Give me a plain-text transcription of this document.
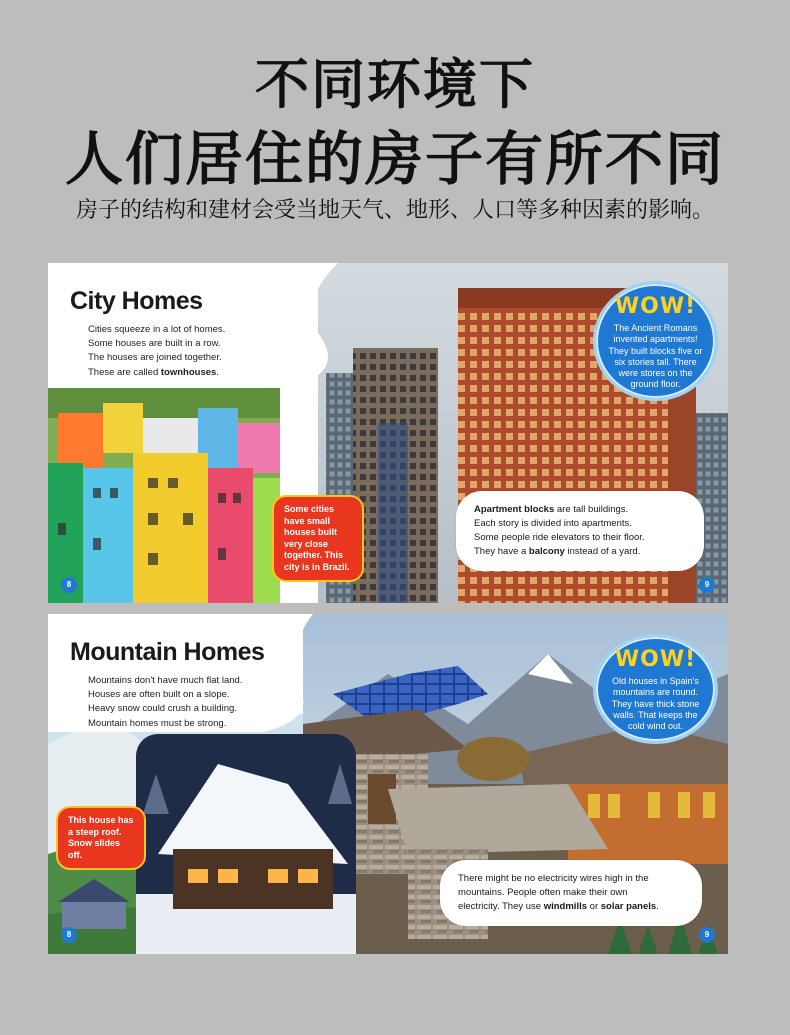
不同环境下
人们居住的房子有所不同
房子的结构和建材会受当地天气、地形、人口等多种因素的影响。
City Homes
Cities squeeze in a lot of homes.
Some houses are built in a row.
The houses are joined together.
These are called townhouses.
Some cities
have small
houses built
very close
together. This
city is in Brazil.
WOW!
The Ancient Romans
invented apartments!
They built blocks five or
six stories tall. There
were stores on the
ground floor.
Apartment blocks are tall buildings.
Each story is divided into apartments.
Some people ride elevators to their floor.
They have a balcony instead of a yard.
8	9
Mountain Homes
Mountains don't have much flat land.
Houses are often built on a slope.
Heavy snow could crush a building.
Mountain homes must be strong.
This house has
a steep roof.
Snow slides off.
WOW!
Old houses in Spain's
mountains are round.
They have thick stone
walls. That keeps the
cold wind out.
There might be no electricity wires high in the
mountains. People often make their own
electricity. They use windmills or solar panels.
8	9
